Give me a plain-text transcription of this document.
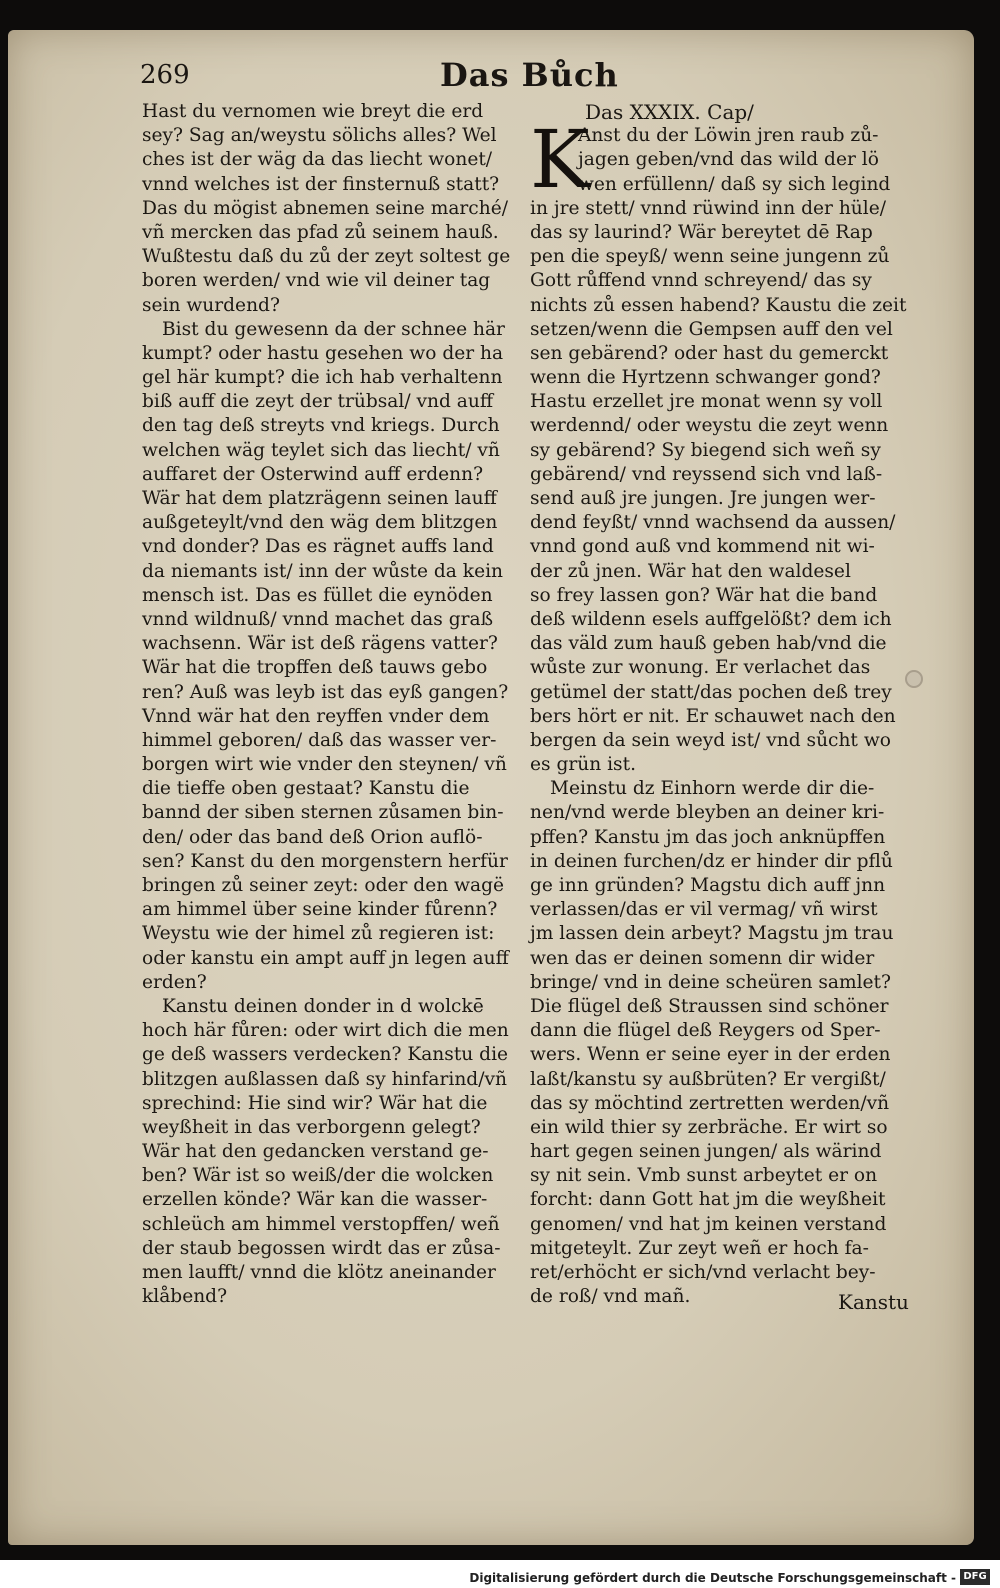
269	Das Bůch
Hast du vernomen wie breyt die erd
sey? Sag an/weystu sölichs alles? Wel
ches ist der wäg da das liecht wonet/
vnnd welches ist der finsternuß statt?
Das du mögist abnemen seine marché/
vñ mercken das pfad zů seinem hauß.
Wußtestu daß du zů der zeyt soltest ge
boren werden/ vnd wie vil deiner tag
sein wurdend?
Bist du gewesenn da der schnee här
kumpt? oder hastu gesehen wo der ha
gel här kumpt? die ich hab verhaltenn
biß auff die zeyt der trübsal/ vnd auff
den tag deß streyts vnd kriegs. Durch
welchen wäg teylet sich das liecht/ vñ
auffaret der Osterwind auff erdenn?
Wär hat dem platzrägenn seinen lauff
außgeteylt/vnd den wäg dem blitzgen
vnd donder? Das es rägnet auffs land
da niemants ist/ inn der wůste da kein
mensch ist. Das es füllet die eynöden
vnnd wildnuß/ vnnd machet das graß
wachsenn. Wär ist deß rägens vatter?
Wär hat die tropffen deß tauws gebo
ren? Auß was leyb ist das eyß gangen?
Vnnd wär hat den reyffen vnder dem
himmel geboren/ daß das wasser ver-
borgen wirt wie vnder den steynen/ vñ
die tieffe oben gestaat? Kanstu die
bannd der siben sternen zůsamen bin-
den/ oder das band deß Orion auflö-
sen? Kanst du den morgenstern herfür
bringen zů seiner zeyt: oder den wagë
am himmel über seine kinder fůrenn?
Weystu wie der himel zů regieren ist:
oder kanstu ein ampt auff jn legen auff
erden?
Kanstu deinen donder in d wolckē
hoch här fůren: oder wirt dich die men
ge deß wassers verdecken? Kanstu die
blitzgen außlassen daß sy hinfarind/vñ
sprechind: Hie sind wir? Wär hat die
weyßheit in das verborgenn gelegt?
Wär hat den gedancken verstand ge-
ben? Wär ist so weiß/der die wolcken
erzellen könde? Wär kan die wasser-
schleüch am himmel verstopffen/ weñ
der staub begossen wirdt das er zůsa-
men laufft/ vnnd die klötz aneinander
klåbend?
Das XXXIX. Cap/
K
Anst du der Löwin jren raub zů-
jagen geben/vnd das wild der lö
wen erfüllenn/ daß sy sich legind
in jre stett/ vnnd rüwind inn der hüle/
das sy laurind? Wär bereytet dē Rap
pen die speyß/ wenn seine jungenn zů
Gott růffend vnnd schreyend/ das sy
nichts zů essen habend? Kaustu die zeit
setzen/wenn die Gempsen auff den vel
sen gebärend? oder hast du gemerckt
wenn die Hyrtzenn schwanger gond?
Hastu erzellet jre monat wenn sy voll
werdennd/ oder weystu die zeyt wenn
sy gebärend? Sy biegend sich weñ sy
gebärend/ vnd reyssend sich vnd laß-
send auß jre jungen. Jre jungen wer-
dend feyßt/ vnnd wachsend da aussen/
vnnd gond auß vnd kommend nit wi-
der zů jnen. Wär hat den waldesel
so frey lassen gon? Wär hat die band
deß wildenn esels auffgelößt? dem ich
das väld zum hauß geben hab/vnd die
wůste zur wonung. Er verlachet das
getümel der statt/das pochen deß trey
bers hört er nit. Er schauwet nach den
bergen da sein weyd ist/ vnd sůcht wo
es grün ist.
Meinstu dz Einhorn werde dir die-
nen/vnd werde bleyben an deiner kri-
pffen? Kanstu jm das joch anknüpffen
in deinen furchen/dz er hinder dir pflů
ge inn gründen? Magstu dich auff jnn
verlassen/das er vil vermag/ vñ wirst
jm lassen dein arbeyt? Magstu jm trau
wen das er deinen somenn dir wider
bringe/ vnd in deine scheüren samlet?
Die flügel deß Straussen sind schöner
dann die flügel deß Reygers od Sper-
wers. Wenn er seine eyer in der erden
laßt/kanstu sy außbrüten? Er vergißt/
das sy möchtind zertretten werden/vñ
ein wild thier sy zerbräche. Er wirt so
hart gegen seinen jungen/ als wärind
sy nit sein. Vmb sunst arbeytet er on
forcht: dann Gott hat jm die weyßheit
genomen/ vnd hat jm keinen verstand
mitgeteylt. Zur zeyt weñ er hoch fa-
ret/erhöcht er sich/vnd verlacht bey-
de roß/ vnd mañ.	Kanstu
Digitalisierung gefördert durch die Deutsche Forschungsgemeinschaft - DFG
